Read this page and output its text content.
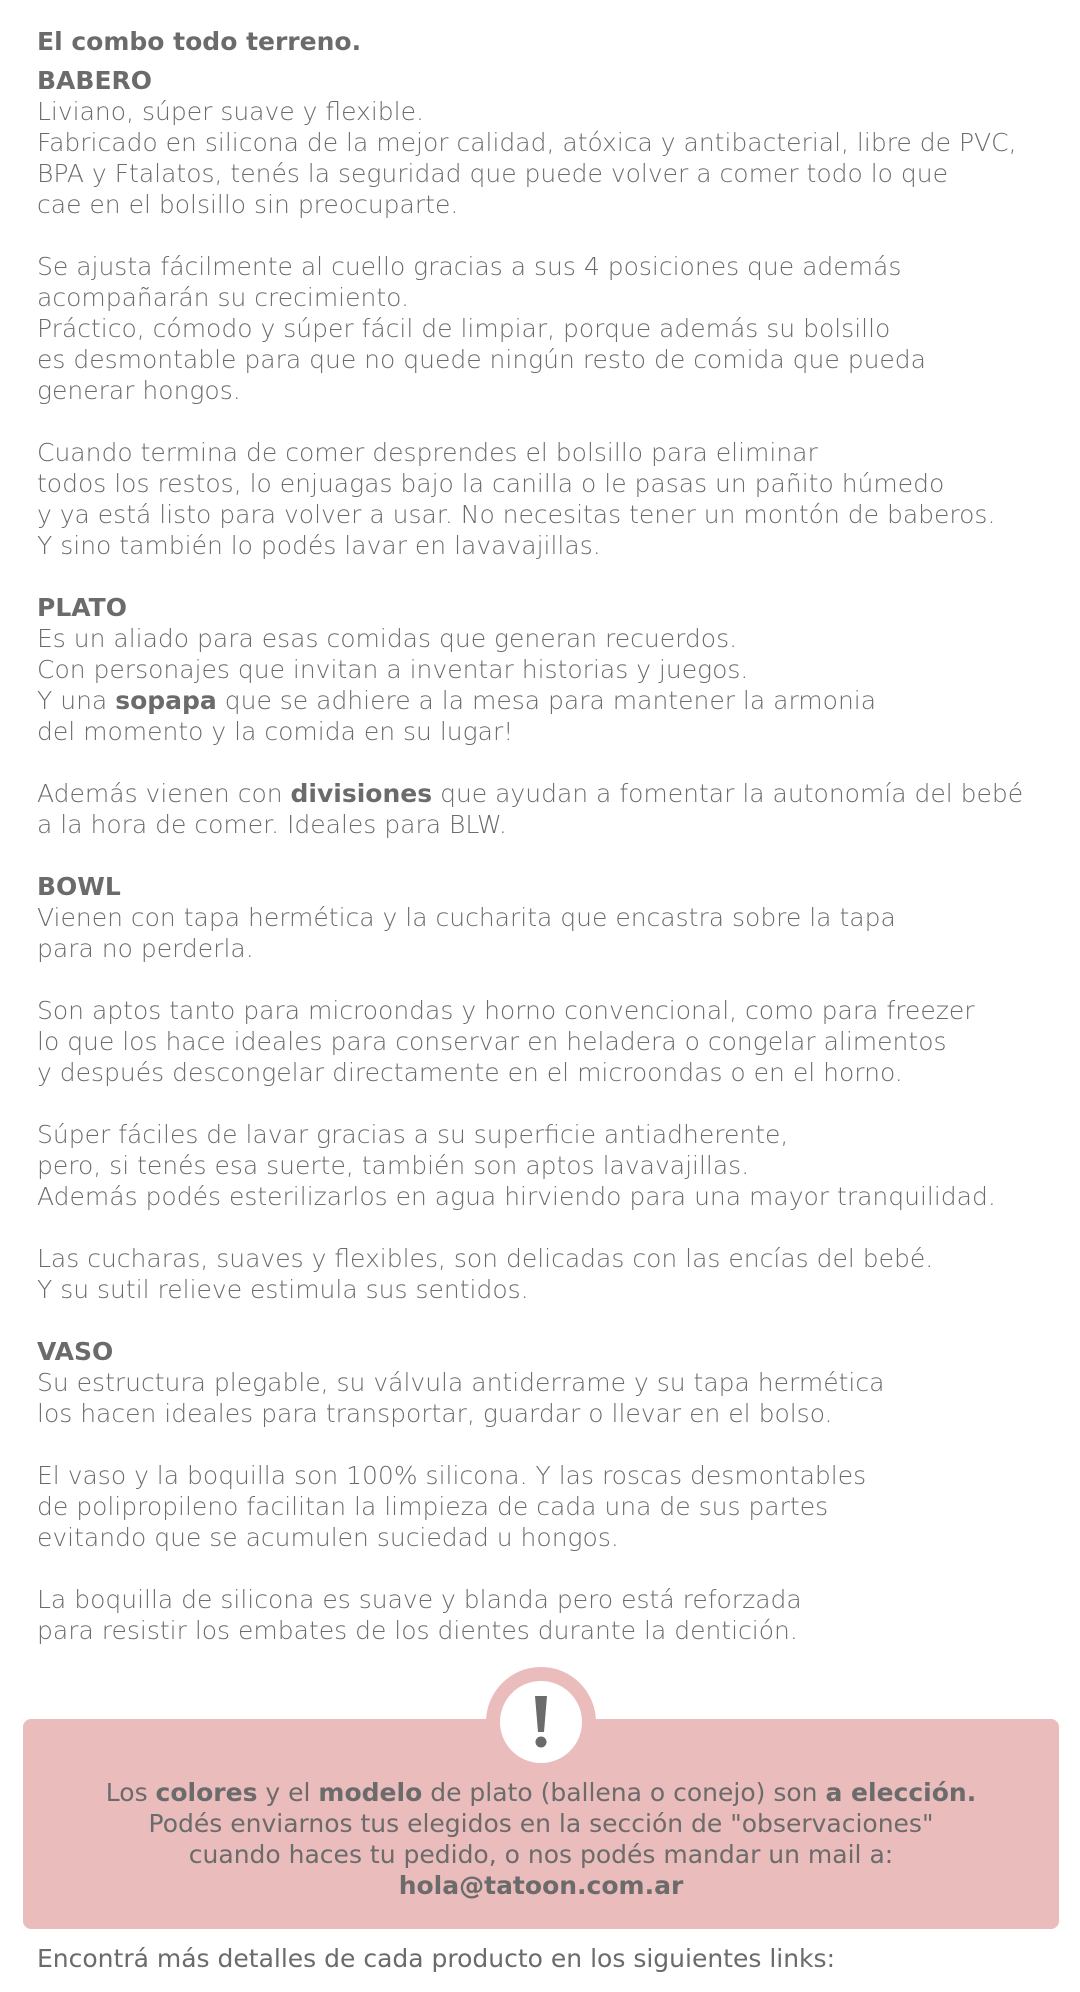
El combo todo terreno.

BABERO

Liviano, súper suave y flexible.

Fabricado en silicona de la mejor calidad, atóxica y antibacterial, libre de PVC,

BPA y Ftalatos, tenés la seguridad que puede volver a comer todo lo que

cae en el bolsillo sin preocuparte.

Se ajusta fácilmente al cuello gracias a sus 4 posiciones que además

acompañarán su crecimiento.

Práctico, cómodo y súper fácil de limpiar, porque además su bolsillo

es desmontable para que no quede ningún resto de comida que pueda

generar hongos.

Cuando termina de comer desprendes el bolsillo para eliminar

todos los restos, lo enjuagas bajo la canilla o le pasas un pañito húmedo

y ya está listo para volver a usar. No necesitas tener un montón de baberos.

Y sino también lo podés lavar en lavavajillas.

PLATO

Es un aliado para esas comidas que generan recuerdos.

Con personajes que invitan a inventar historias y juegos.

Y una sopapa que se adhiere a la mesa para mantener la armonia

del momento y la comida en su lugar!

Además vienen con divisiones que ayudan a fomentar la autonomía del bebé

a la hora de comer. Ideales para BLW.

BOWL

Vienen con tapa hermética y la cucharita que encastra sobre la tapa

para no perderla.

Son aptos tanto para microondas y horno convencional, como para freezer

lo que los hace ideales para conservar en heladera o congelar alimentos

y después descongelar directamente en el microondas o en el horno.

Súper fáciles de lavar gracias a su superficie antiadherente,

pero, si tenés esa suerte, también son aptos lavavajillas.

Además podés esterilizarlos en agua hirviendo para una mayor tranquilidad.

Las cucharas, suaves y flexibles, son delicadas con las encías del bebé.

Y su sutil relieve estimula sus sentidos.

VASO

Su estructura plegable, su válvula antiderrame y su tapa hermética

los hacen ideales para transportar, guardar o llevar en el bolso.

El vaso y la boquilla son 100% silicona. Y las roscas desmontables

de polipropileno facilitan la limpieza de cada una de sus partes

evitando que se acumulen suciedad u hongos.

La boquilla de silicona es suave y blanda pero está reforzada

para resistir los embates de los dientes durante la dentición.

Los colores y el modelo de plato (ballena o conejo) son a elección.

Podés enviarnos tus elegidos en la sección de "observaciones"

cuando haces tu pedido, o nos podés mandar un mail a:

hola@tatoon.com.ar

Encontrá más detalles de cada producto en los siguientes links:
